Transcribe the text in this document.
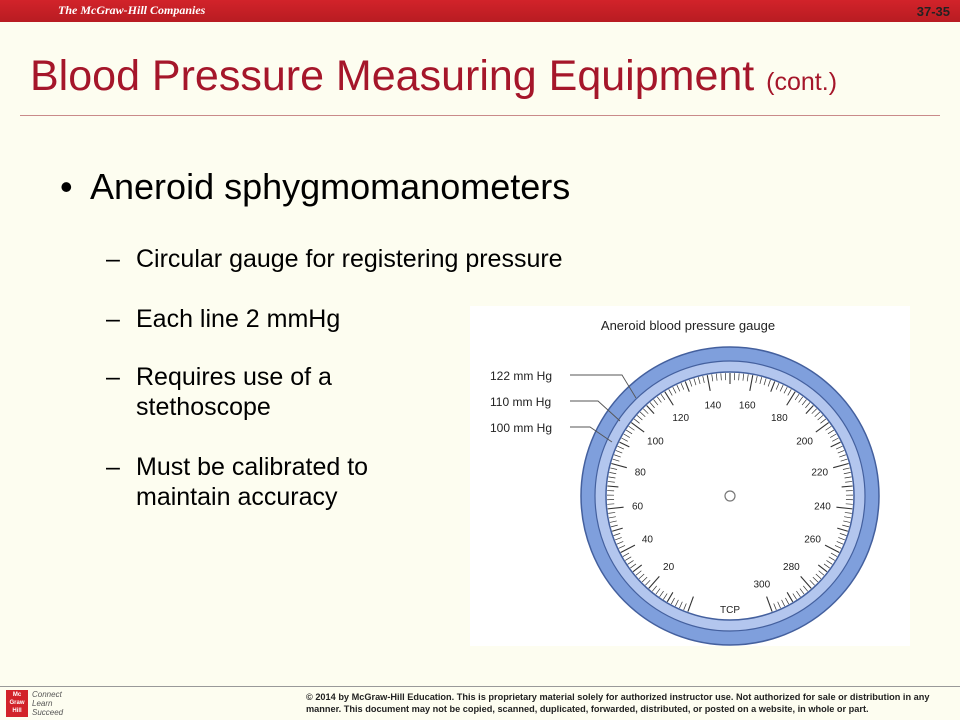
The McGraw-Hill Companies	37-35
Blood Pressure Measuring Equipment (cont.)
• Aneroid sphygmomanometers
– Circular gauge for registering pressure
– Each line 2 mmHg
– Requires use of a
stethoscope
– Must be calibrated to
maintain accuracy
Aneroid blood pressure gauge
20
40
60
80
100
120
140 160
180
200
220
240
260
280
300
TCP
122 mm Hg
110 mm Hg
100 mm Hg
Mc Graw Hill
Connect Learn Succeed
© 2014 by McGraw-Hill Education. This is proprietary material solely for authorized instructor use. Not authorized for sale or distribution in any manner. This document may not be copied, scanned, duplicated, forwarded, distributed, or posted on a website, in whole or part.
